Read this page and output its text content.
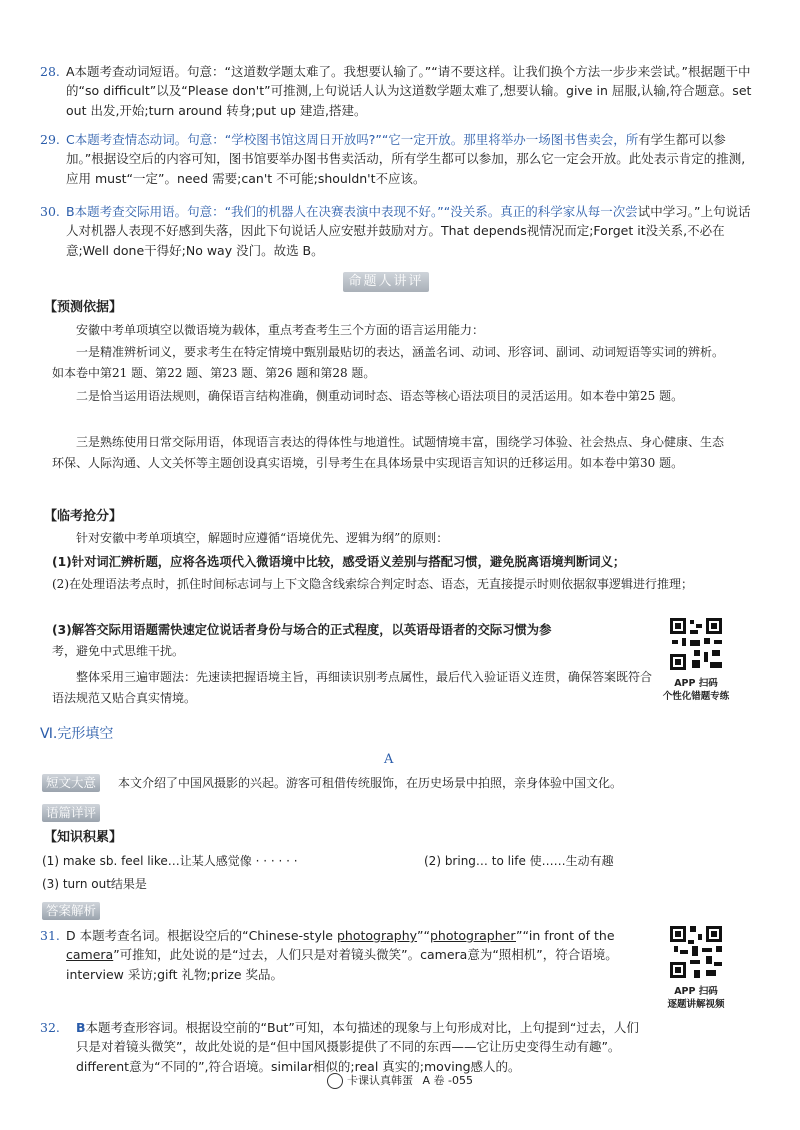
28. A本题考查动词短语。句意：“这道数学题太难了。我想要认输了。”“请不要这样。让我们换个方法一步步来尝试。”根据题干中的“so difficult”以及“Please don't”可推测,上句说话人认为这道数学题太难了,想要认输。give in 屈服,认输,符合题意。set out 出发,开始;turn around 转身;put up 建造,搭建。
29. C本题考查情态动词。句意：“学校图书馆这周日开放吗?”“它一定开放。那里将举办一场图书售卖会，所有学生都可以参加。”根据设空后的内容可知，图书馆要举办图书售卖活动，所有学生都可以参加，那么它一定会开放。此处表示肯定的推测,应用 must“一定”。need 需要;can't 不可能;shouldn't不应该。
30. B本题考查交际用语。句意：“我们的机器人在决赛表演中表现不好。”“没关系。真正的科学家从每一次尝试中学习。”上句说话人对机器人表现不好感到失落，因此下句说话人应安慰并鼓励对方。That depends视情况而定;Forget it没关系,不必在意;Well done干得好;No way 没门。故选 B。
命题人讲评
【预测依据】
安徽中考单项填空以微语境为载体，重点考查考生三个方面的语言运用能力：
一是精准辨析词义，要求考生在特定情境中甄别最贴切的表达，涵盖名词、动词、形容词、副词、动词短语等实词的辨析。如本卷中第21 题、第22 题、第23 题、第26 题和第28 题。
二是恰当运用语法规则，确保语言结构准确，侧重动词时态、语态等核心语法项目的灵活运用。如本卷中第25 题。
三是熟练使用日常交际用语，体现语言表达的得体性与地道性。试题情境丰富，围绕学习体验、社会热点、身心健康、生态环保、人际沟通、人文关怀等主题创设真实语境，引导考生在具体场景中实现语言知识的迁移运用。如本卷中第30 题。
【临考抢分】
针对安徽中考单项填空，解题时应遵循“语境优先、逻辑为纲”的原则：
(1)针对词汇辨析题，应将各选项代入微语境中比较，感受语义差别与搭配习惯，避免脱离语境判断词义；
(2)在处理语法考点时，抓住时间标志词与上下文隐含线索综合判定时态、语态，无直接提示时则依据叙事逻辑进行推理；
(3)解答交际用语题需快速定位说话者身份与场合的正式程度，以英语母语者的交际习惯为参
考，避免中式思维干扰。
整体采用三遍审题法：先速读把握语境主旨，再细读识别考点属性，最后代入验证语义连贯，确保答案既符合语法规范又贴合真实情境。
APP 扫码
个性化错题专练
Ⅵ.完形填空
A
短文大意	本文介绍了中国风摄影的兴起。游客可租借传统服饰，在历史场景中拍照，亲身体验中国文化。
语篇详评
【知识积累】
(1) make sb. feel like…让某人感觉像 · · · · · ·	(2) bring… to life 使……生动有趣
(3) turn out结果是
答案解析
31. D 本题考查名词。根据设空后的“Chinese-style photography”“photographer”“in front of the camera”可推知，此处说的是“过去，人们只是对着镜头微笑”。camera意为“照相机”，符合语境。interview 采访;gift 礼物;prize 奖品。
APP 扫码
逐题讲解视频
32. B本题考查形容词。根据设空前的“But”可知，本句描述的现象与上句形成对比，上句提到“过去，人们只是对着镜头微笑”，故此处说的是“但中国风摄影提供了不同的东西——它让历史变得生动有趣”。different意为“不同的”,符合语境。similar相似的;real 真实的;moving感人的。
卡课认真韩蛋 A 卷 -055
